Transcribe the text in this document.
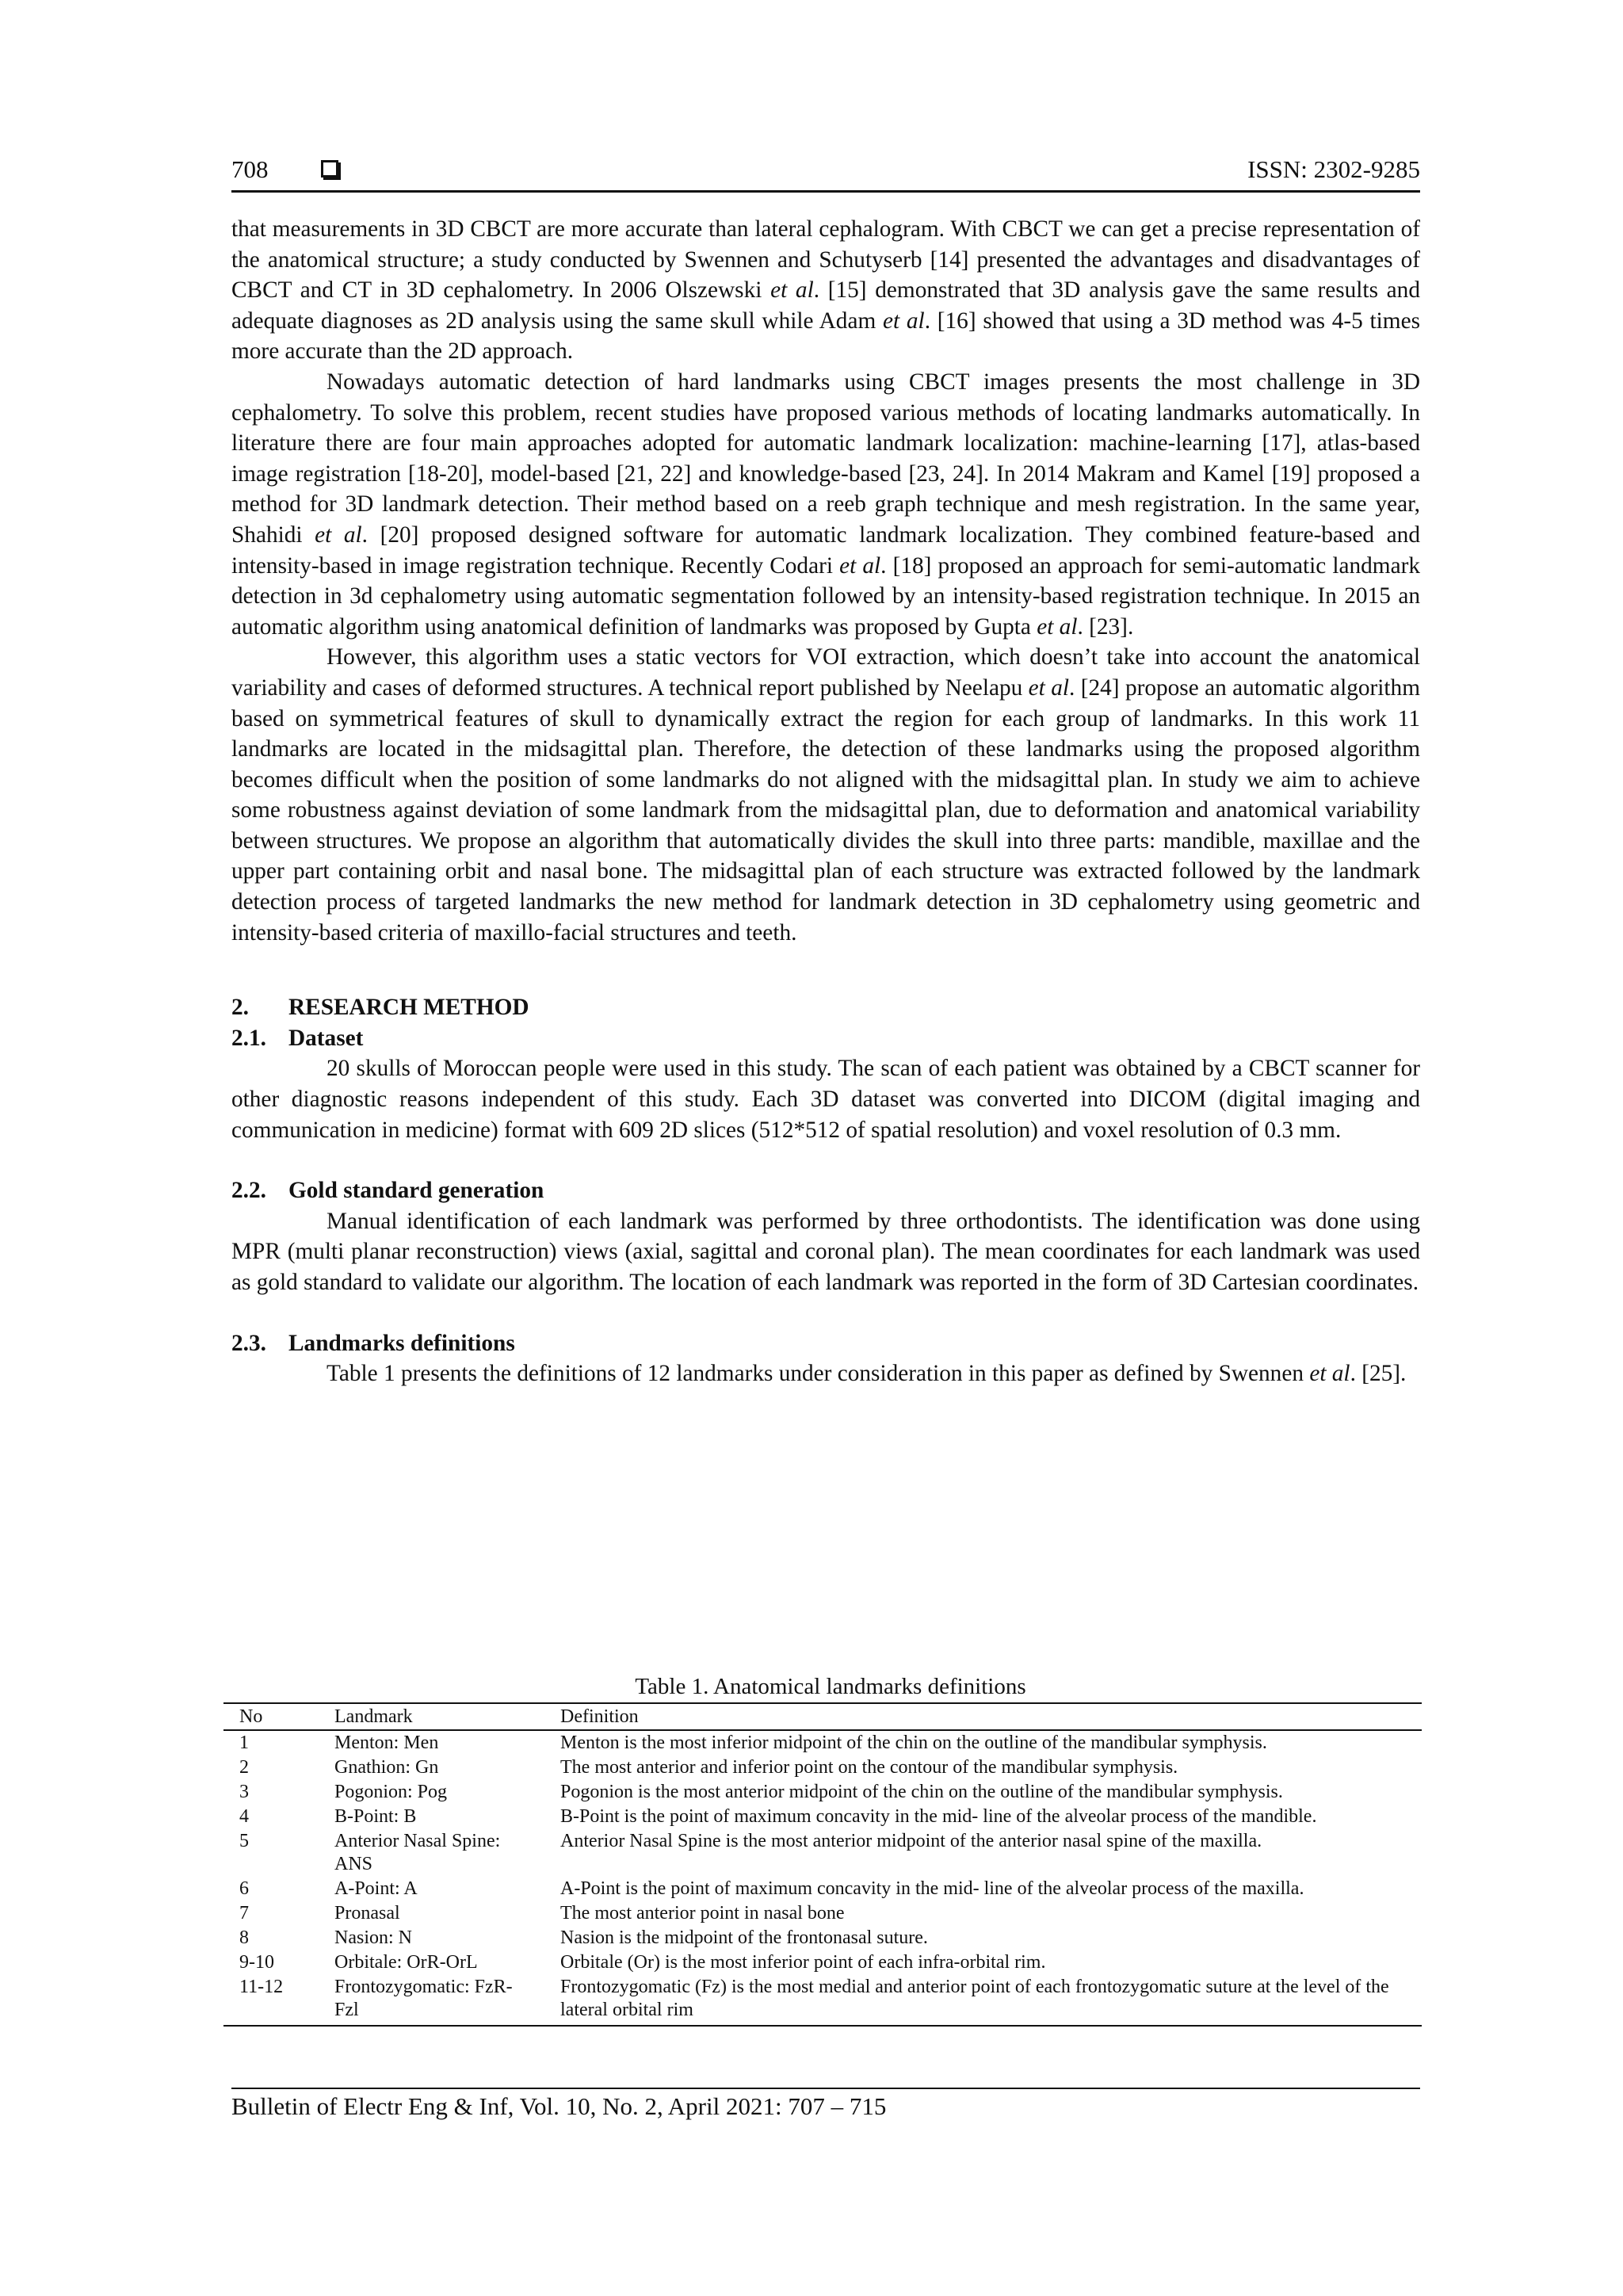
708	ISSN: 2302-9285

that measurements in 3D CBCT are more accurate than lateral cephalogram. With CBCT we can get a precise representation of the anatomical structure; a study conducted by Swennen and Schutyserb [14] presented the advantages and disadvantages of CBCT and CT in 3D cephalometry. In 2006 Olszewski et al. [15] demonstrated that 3D analysis gave the same results and adequate diagnoses as 2D analysis using the same skull while Adam et al. [16] showed that using a 3D method was 4-5 times more accurate than the 2D approach.

Nowadays automatic detection of hard landmarks using CBCT images presents the most challenge in 3D cephalometry. To solve this problem, recent studies have proposed various methods of locating landmarks automatically. In literature there are four main approaches adopted for automatic landmark localization: machine-learning [17], atlas-based image registration [18-20], model-based [21, 22] and knowledge-based [23, 24]. In 2014 Makram and Kamel [19] proposed a method for 3D landmark detection. Their method based on a reeb graph technique and mesh registration. In the same year, Shahidi et al. [20] proposed designed software for automatic landmark localization. They combined feature-based and intensity-based in image registration technique. Recently Codari et al. [18] proposed an approach for semi-automatic landmark detection in 3d cephalometry using automatic segmentation followed by an intensity-based registration technique. In 2015 an automatic algorithm using anatomical definition of landmarks was proposed by Gupta et al. [23].

However, this algorithm uses a static vectors for VOI extraction, which doesn’t take into account the anatomical variability and cases of deformed structures. A technical report published by Neelapu et al. [24] propose an automatic algorithm based on symmetrical features of skull to dynamically extract the region for each group of landmarks. In this work 11 landmarks are located in the midsagittal plan. Therefore, the detection of these landmarks using the proposed algorithm becomes difficult when the position of some landmarks do not aligned with the midsagittal plan. In study we aim to achieve some robustness against deviation of some landmark from the midsagittal plan, due to deformation and anatomical variability between structures. We propose an algorithm that automatically divides the skull into three parts: mandible, maxillae and the upper part containing orbit and nasal bone. The midsagittal plan of each structure was extracted followed by the landmark detection process of targeted landmarks the new method for landmark detection in 3D cephalometry using geometric and intensity-based criteria of maxillo-facial structures and teeth.

2. RESEARCH METHOD

2.1. Dataset

20 skulls of Moroccan people were used in this study. The scan of each patient was obtained by a CBCT scanner for other diagnostic reasons independent of this study. Each 3D dataset was converted into DICOM (digital imaging and communication in medicine) format with 609 2D slices (512*512 of spatial resolution) and voxel resolution of 0.3 mm.

2.2. Gold standard generation

Manual identification of each landmark was performed by three orthodontists. The identification was done using MPR (multi planar reconstruction) views (axial, sagittal and coronal plan). The mean coordinates for each landmark was used as gold standard to validate our algorithm. The location of each landmark was reported in the form of 3D Cartesian coordinates.

2.3. Landmarks definitions

Table 1 presents the definitions of 12 landmarks under consideration in this paper as defined by Swennen et al. [25].

Table 1. Anatomical landmarks definitions
No	Landmark	Definition
1	Menton: Men	Menton is the most inferior midpoint of the chin on the outline of the mandibular symphysis.
2	Gnathion: Gn	The most anterior and inferior point on the contour of the mandibular symphysis.
3	Pogonion: Pog	Pogonion is the most anterior midpoint of the chin on the outline of the mandibular symphysis.
4	B-Point: B	B-Point is the point of maximum concavity in the mid- line of the alveolar process of the mandible.
5	Anterior Nasal Spine: ANS	Anterior Nasal Spine is the most anterior midpoint of the anterior nasal spine of the maxilla.
6	A-Point: A	A-Point is the point of maximum concavity in the mid- line of the alveolar process of the maxilla.
7	Pronasal	The most anterior point in nasal bone
8	Nasion: N	Nasion is the midpoint of the frontonasal suture.
9-10	Orbitale: OrR-OrL	Orbitale (Or) is the most inferior point of each infra-orbital rim.
11-12	Frontozygomatic: FzR-Fzl	Frontozygomatic (Fz) is the most medial and anterior point of each frontozygomatic suture at the level of the lateral orbital rim
Bulletin of Electr Eng & Inf, Vol. 10, No. 2, April 2021: 707 – 715
